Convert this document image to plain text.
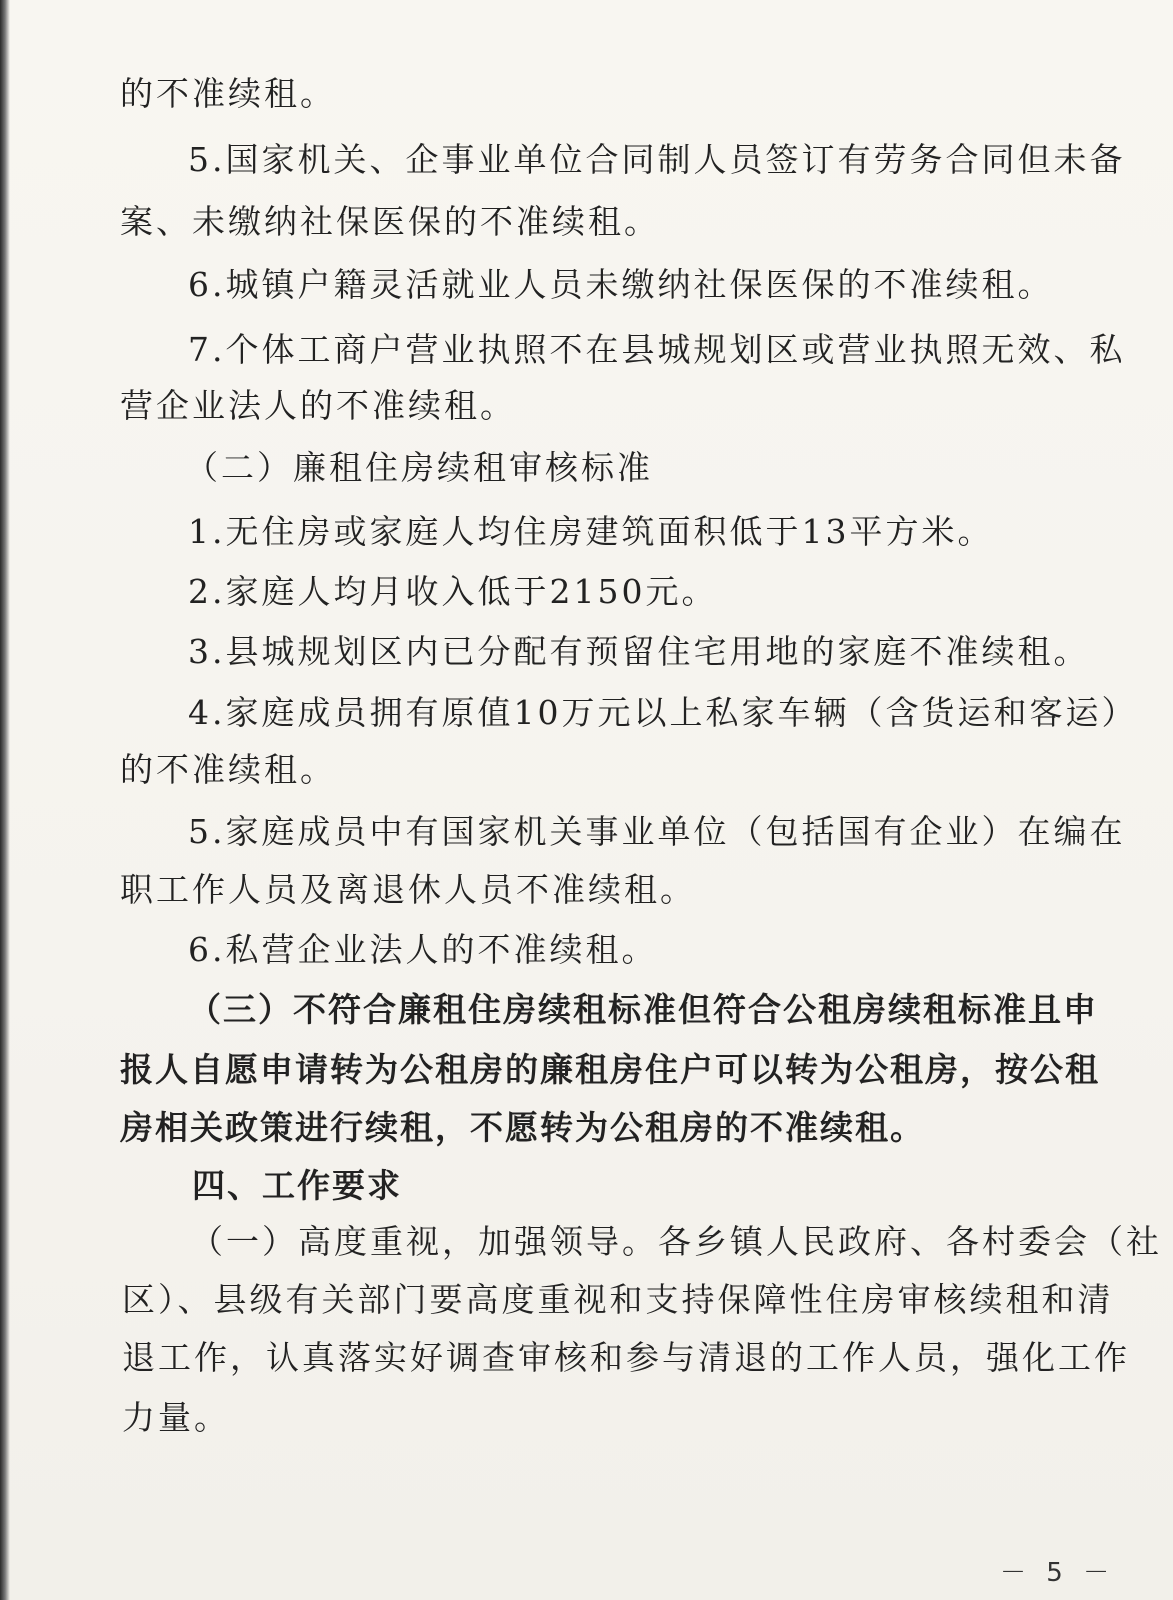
的不准续租。
5.国家机关、企事业单位合同制人员签订有劳务合同但未备
案、未缴纳社保医保的不准续租。
6.城镇户籍灵活就业人员未缴纳社保医保的不准续租。
7.个体工商户营业执照不在县城规划区或营业执照无效、私
营企业法人的不准续租。
（二）廉租住房续租审核标准
1.无住房或家庭人均住房建筑面积低于13平方米。
2.家庭人均月收入低于2150元。
3.县城规划区内已分配有预留住宅用地的家庭不准续租。
4.家庭成员拥有原值10万元以上私家车辆（含货运和客运）
的不准续租。
5.家庭成员中有国家机关事业单位（包括国有企业）在编在
职工作人员及离退休人员不准续租。
6.私营企业法人的不准续租。
（三）不符合廉租住房续租标准但符合公租房续租标准且申
报人自愿申请转为公租房的廉租房住户可以转为公租房，按公租
房相关政策进行续租，不愿转为公租房的不准续租。
四、工作要求
（一）高度重视，加强领导。各乡镇人民政府、各村委会（社
区）、县级有关部门要高度重视和支持保障性住房审核续租和清
退工作，认真落实好调查审核和参与清退的工作人员，强化工作
力量。
－ 5 －
